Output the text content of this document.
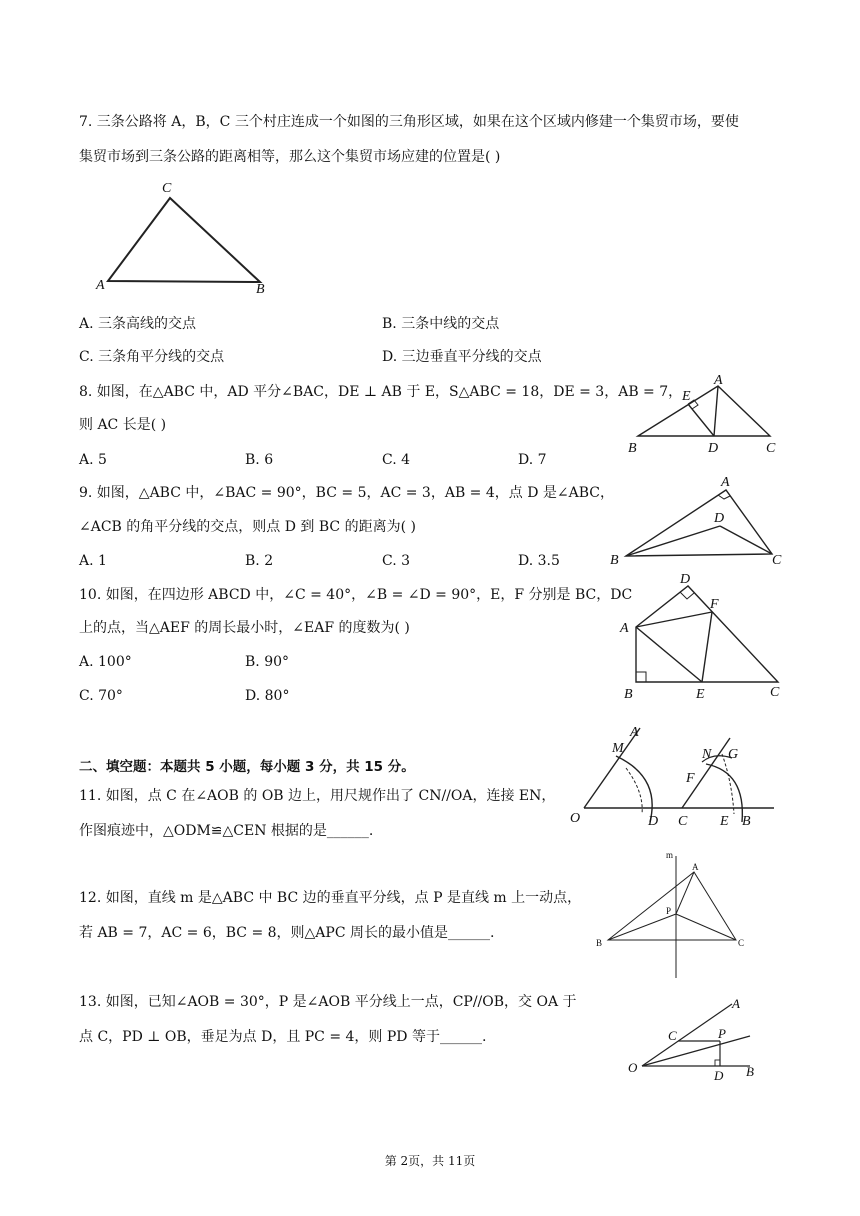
7. 三条公路将 A，B，C 三个村庄连成一个如图的三角形区域，如果在这个区域内修建一个集贸市场，要使
集贸市场到三条公路的距离相等，那么这个集贸市场应建的位置是( )
A	B
C
A. 三条高线的交点	B. 三条中线的交点
C. 三条角平分线的交点	D. 三边垂直平分线的交点
8. 如图，在△ABC 中，AD 平分∠BAC，DE ⊥ AB 于 E，S△ABC = 18，DE = 3，AB = 7，
则 AC 长是( )
A. 5	B. 6	C. 4	D. 7
A
B	C
D
E
9. 如图，△ABC 中，∠BAC = 90°，BC = 5，AC = 3，AB = 4，点 D 是∠ABC，
∠ACB 的角平分线的交点，则点 D 到 BC 的距离为( )
A. 1	B. 2	C. 3	D. 3.5
A
B	C
D
10. 如图，在四边形 ABCD 中，∠C = 40°，∠B = ∠D = 90°，E，F 分别是 BC，DC
上的点，当△AEF 的周长最小时，∠EAF 的度数为( )
A. 100°	B. 90°
C. 70°	D. 80°
A
B	C
D
E
F
二、填空题：本题共 5 小题，每小题 3 分，共 15 分。
11. 如图，点 C 在∠AOB 的 OB 边上，用尺规作出了 CN//OA，连接 EN，
作图痕迹中，△ODM≌△CEN 根据的是______.
A
M
O	D
N G
F
C E B
12. 如图，直线 m 是△ABC 中 BC 边的垂直平分线，点 P 是直线 m 上一动点，
若 AB = 7，AC = 6，BC = 8，则△APC 周长的最小值是______.
m
A
P
B	C
13. 如图，已知∠AOB = 30°，P 是∠AOB 平分线上一点，CP//OB，交 OA 于
点 C，PD ⊥ OB，垂足为点 D，且 PC = 4，则 PD 等于______.
A
C	P
O
D B
第 2页，共 11页
